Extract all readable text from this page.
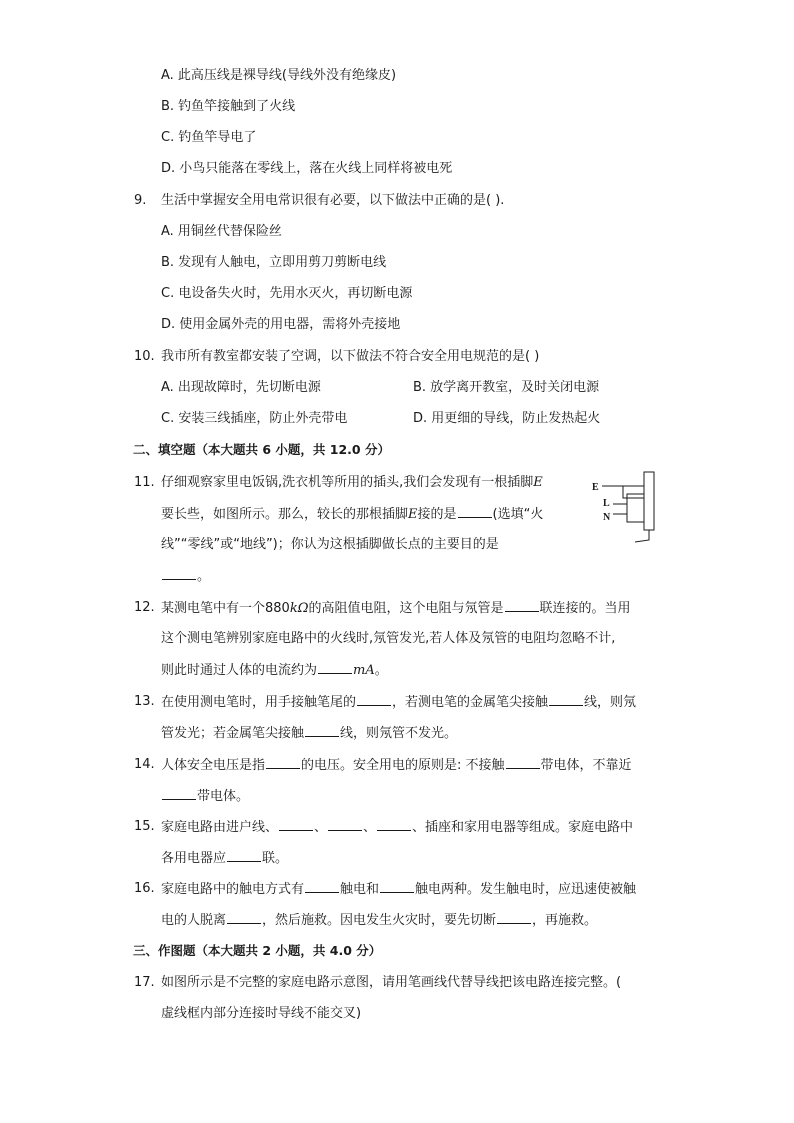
A. 此高压线是裸导线(导线外没有绝缘皮)
B. 钓鱼竿接触到了火线
C. 钓鱼竿导电了
D. 小鸟只能落在零线上，落在火线上同样将被电死
9. 生活中掌握安全用电常识很有必要，以下做法中正确的是( ).
A. 用铜丝代替保险丝
B. 发现有人触电，立即用剪刀剪断电线
C. 电设备失火时，先用水灭火，再切断电源
D. 使用金属外壳的用电器，需将外壳接地
10. 我市所有教室都安装了空调，以下做法不符合安全用电规范的是( )
A. 出现故障时，先切断电源	B. 放学离开教室，及时关闭电源
C. 安装三线插座，防止外壳带电	D. 用更细的导线，防止发热起火
二、填空题（本大题共 6 小题，共 12.0 分）
11. 仔细观察家里电饭锅,洗衣机等所用的插头,我们会发现有一根插脚E
要长些，如图所示。那么，较长的那根插脚E接的是	(选填“火
线”“零线”或“地线”)；你认为这根插脚做长点的主要目的是
。
E
L
N
12. 某测电笔中有一个880kΩ的高阻值电阻，这个电阻与氖管是	联连接的。当用
这个测电笔辨别家庭电路中的火线时,氖管发光,若人体及氖管的电阻均忽略不计,
则此时通过人体的电流约为	mA。
13. 在使用测电笔时，用手接触笔尾的	，若测电笔的金属笔尖接触	线，则氖
管发光；若金属笔尖接触	线，则氖管不发光。
14. 人体安全电压是指	的电压。安全用电的原则是: 不接触	带电体，不靠近
带电体。
15. 家庭电路由进户线、	、	、	、插座和家用电器等组成。家庭电路中
各用电器应	联。
16. 家庭电路中的触电方式有	触电和	触电两种。发生触电时，应迅速使被触
电的人脱离	，然后施救。因电发生火灾时，要先切断	，再施救。
三、作图题（本大题共 2 小题，共 4.0 分）
17. 如图所示是不完整的家庭电路示意图，请用笔画线代替导线把该电路连接完整。(
虚线框内部分连接时导线不能交叉)
